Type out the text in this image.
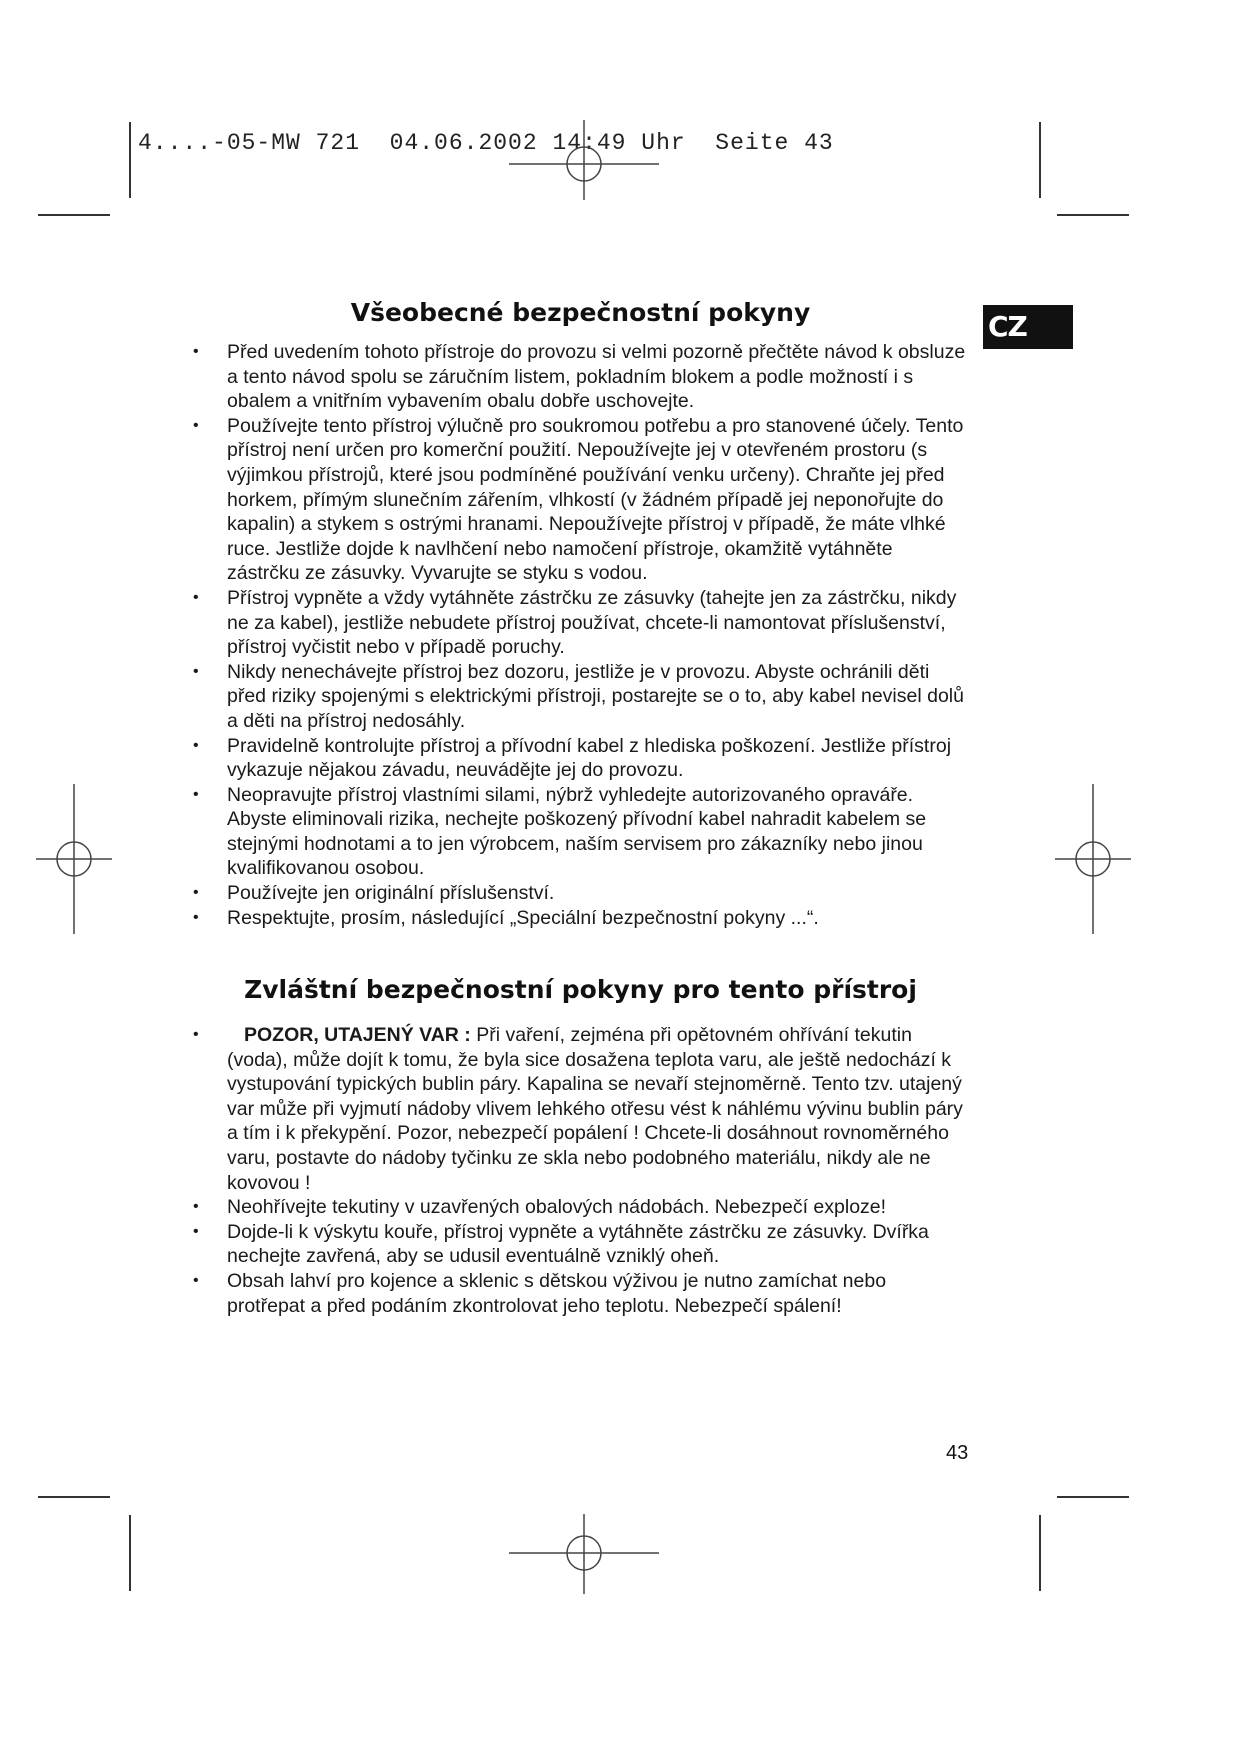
4....-05-MW 721  04.06.2002 14:49 Uhr  Seite 43
CZ
Všeobecné bezpečnostní pokyny
• Před uvedením tohoto přístroje do provozu si velmi pozorně přečtěte návod k obsluze a tento návod spolu se záručním listem, pokladním blokem a podle možností i s obalem a vnitřním vybavením obalu dobře uschovejte.
• Používejte tento přístroj výlučně pro soukromou potřebu a pro stanovené účely. Tento přístroj není určen pro komerční použití. Nepoužívejte jej v otevřeném prostoru (s výjimkou přístrojů, které jsou podmíněné používání venku určeny). Chraňte jej před horkem, přímým slunečním zářením, vlhkostí (v žádném případě jej neponořujte do kapalin) a stykem s ostrými hranami. Nepoužívejte přístroj v případě, že máte vlhké ruce. Jestliže dojde k navlhčení nebo namočení přístroje, okamžitě vytáhněte zástrčku ze zásuvky. Vyvarujte se styku s vodou.
• Přístroj vypněte a vždy vytáhněte zástrčku ze zásuvky (tahejte jen za zástrčku, nikdy ne za kabel), jestliže nebudete přístroj používat, chcete-li namontovat příslušenství, přístroj vyčistit nebo v případě poruchy.
• Nikdy nenechávejte přístroj bez dozoru, jestliže je v provozu. Abyste ochránili děti před riziky spojenými s elektrickými přístroji, postarejte se o to, aby kabel nevisel dolů a děti na přístroj nedosáhly.
• Pravidelně kontrolujte přístroj a přívodní kabel z hlediska poškození. Jestliže přístroj vykazuje nějakou závadu, neuvádějte jej do provozu.
• Neopravujte přístroj vlastními silami, nýbrž vyhledejte autorizovaného opraváře. Abyste eliminovali rizika, nechejte poškozený přívodní kabel nahradit kabelem se stejnými hodnotami a to jen výrobcem, naším servisem pro zákazníky nebo jinou kvalifikovanou osobou.
• Používejte jen originální příslušenství.
• Respektujte, prosím, následující „Speciální bezpečnostní pokyny ...“.
Zvláštní bezpečnostní pokyny pro tento přístroj
• POZOR, UTAJENÝ VAR : Při vaření, zejména při opětovném ohřívání tekutin (voda), může dojít k tomu, že byla sice dosažena teplota varu, ale ještě nedochází k vystupování typických bublin páry. Kapalina se nevaří stejnoměrně. Tento tzv. utajený var může při vyjmutí nádoby vlivem lehkého otřesu vést k náhlému vývinu bublin páry a tím i k překypění. Pozor, nebezpečí popálení ! Chcete-li dosáhnout rovnoměrného varu, postavte do nádoby tyčinku ze skla nebo podobného materiálu, nikdy ale ne kovovou !
• Neohřívejte tekutiny v uzavřených obalových nádobách. Nebezpečí exploze!
• Dojde-li k výskytu kouře, přístroj vypněte a vytáhněte zástrčku ze zásuvky. Dvířka nechejte zavřená, aby se udusil eventuálně vzniklý oheň.
• Obsah lahví pro kojence a sklenic s dětskou výživou je nutno zamíchat nebo protřepat a před podáním zkontrolovat jeho teplotu. Nebezpečí spálení!
43
